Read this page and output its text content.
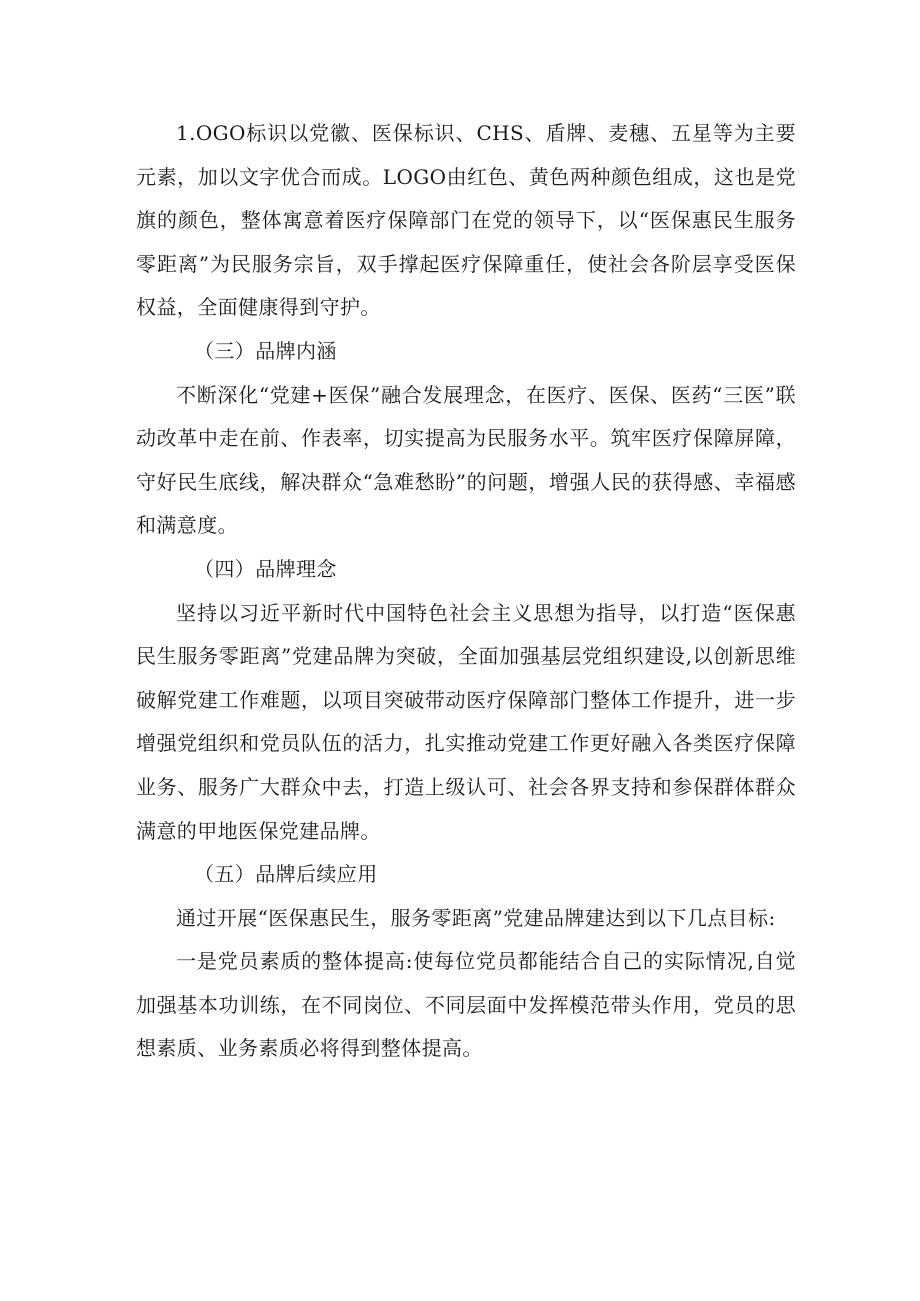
1.OGO标识以党徽、医保标识、CHS、盾牌、麦穗、五星等为主要元素，加以文字优合而成。LOGO由红色、黄色两种颜色组成，这也是党旗的颜色，整体寓意着医疗保障部门在党的领导下，以“医保惠民生服务零距离”为民服务宗旨，双手撑起医疗保障重任，使社会各阶层享受医保权益，全面健康得到守护。

（三）品牌内涵

不断深化“党建+医保”融合发展理念，在医疗、医保、医药“三医”联动改革中走在前、作表率，切实提高为民服务水平。筑牢医疗保障屏障，守好民生底线，解决群众“急难愁盼”的问题，增强人民的获得感、幸福感和满意度。

（四）品牌理念

坚持以习近平新时代中国特色社会主义思想为指导，以打造“医保惠民生服务零距离”党建品牌为突破，全面加强基层党组织建设,以创新思维破解党建工作难题，以项目突破带动医疗保障部门整体工作提升，进一步增强党组织和党员队伍的活力，扎实推动党建工作更好融入各类医疗保障业务、服务广大群众中去，打造上级认可、社会各界支持和参保群体群众满意的甲地医保党建品牌。

（五）品牌后续应用

通过开展“医保惠民生，服务零距离”党建品牌建达到以下几点目标:

一是党员素质的整体提高:使每位党员都能结合自己的实际情况,自觉加强基本功训练，在不同岗位、不同层面中发挥模范带头作用，党员的思想素质、业务素质必将得到整体提高。
